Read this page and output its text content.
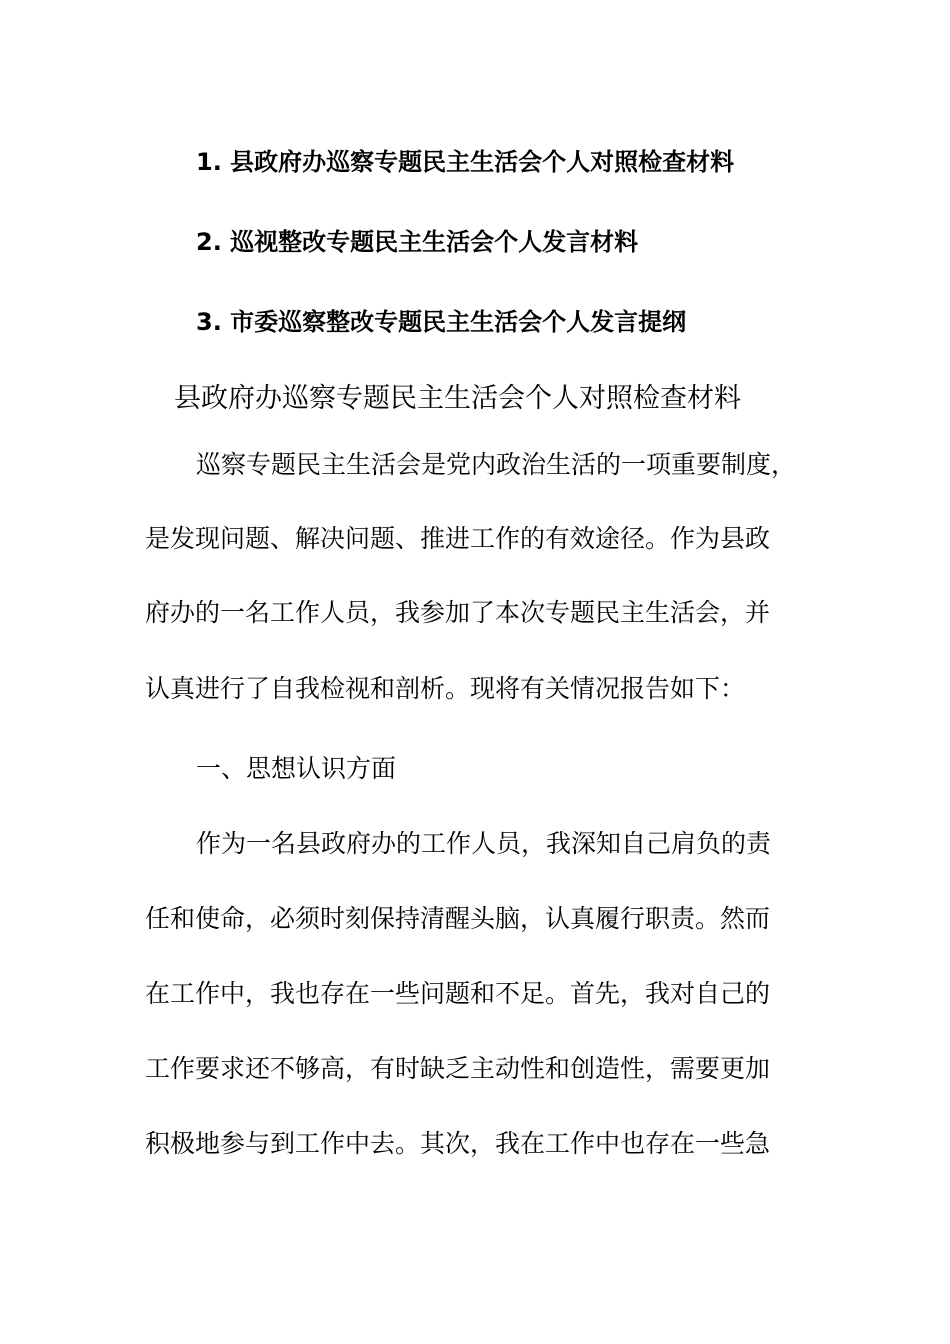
1. 县政府办巡察专题民主生活会个人对照检查材料
2. 巡视整改专题民主生活会个人发言材料
3. 市委巡察整改专题民主生活会个人发言提纲
县政府办巡察专题民主生活会个人对照检查材料
巡察专题民主生活会是党内政治生活的一项重要制度，
是发现问题、解决问题、推进工作的有效途径。作为县政
府办的一名工作人员，我参加了本次专题民主生活会，并
认真进行了自我检视和剖析。现将有关情况报告如下：
一、思想认识方面
作为一名县政府办的工作人员，我深知自己肩负的责
任和使命，必须时刻保持清醒头脑，认真履行职责。然而
在工作中，我也存在一些问题和不足。首先，我对自己的
工作要求还不够高，有时缺乏主动性和创造性，需要更加
积极地参与到工作中去。其次，我在工作中也存在一些急
